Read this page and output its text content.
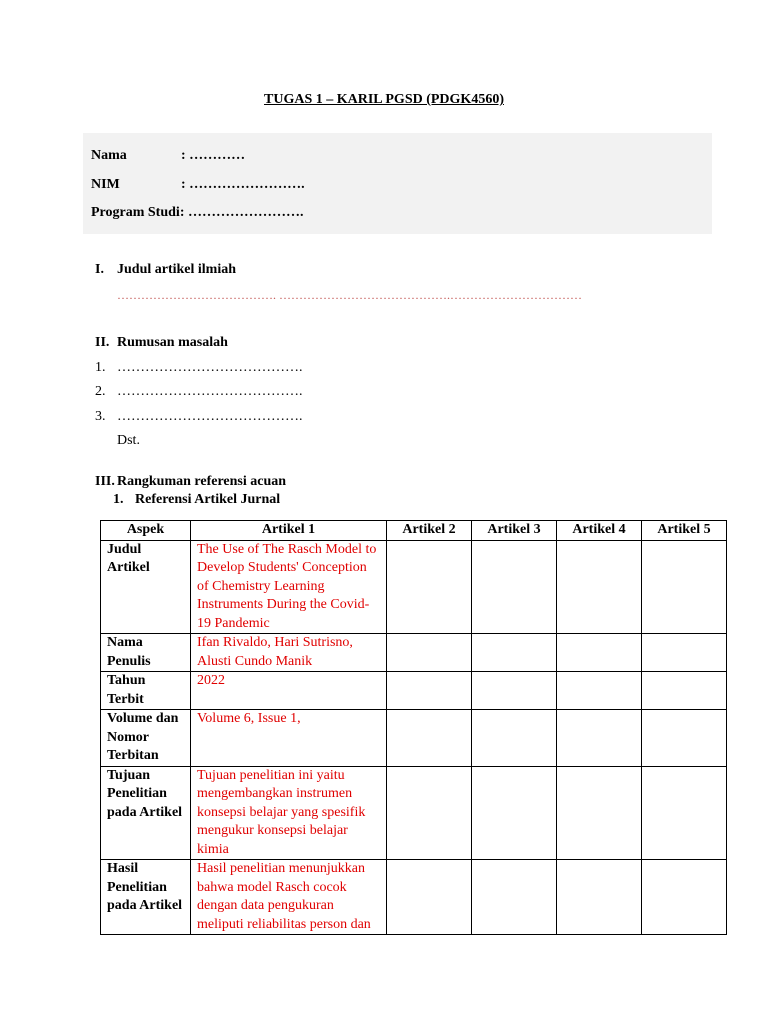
TUGAS 1 – KARIL PGSD (PDGK4560)
Nama	: …………
NIM	: …………………….
Program Studi: …………………….
I. Judul artikel ilmiah
…………………………………. …………………………………….……………………………
II. Rumusan masalah
1. ………………………………….
2. ………………………………….
3. ………………………………….
Dst.
III. Rangkuman referensi acuan
1. Referensi Artikel Jurnal
Aspek	Artikel 1	Artikel 2	Artikel 3	Artikel 4	Artikel 5
Judul Artikel	The Use of The Rasch Model to Develop Students' Conception of Chemistry Learning Instruments During the Covid-19 Pandemic				
Nama Penulis	Ifan Rivaldo, Hari Sutrisno, Alusti Cundo Manik				
Tahun Terbit	2022				
Volume dan Nomor Terbitan	Volume 6, Issue 1,				
Tujuan Penelitian pada Artikel	Tujuan penelitian ini yaitu mengembangkan instrumen konsepsi belajar yang spesifik mengukur konsepsi belajar kimia				
Hasil Penelitian pada Artikel	Hasil penelitian menunjukkan bahwa model Rasch cocok dengan data pengukuran meliputi reliabilitas person dan				
